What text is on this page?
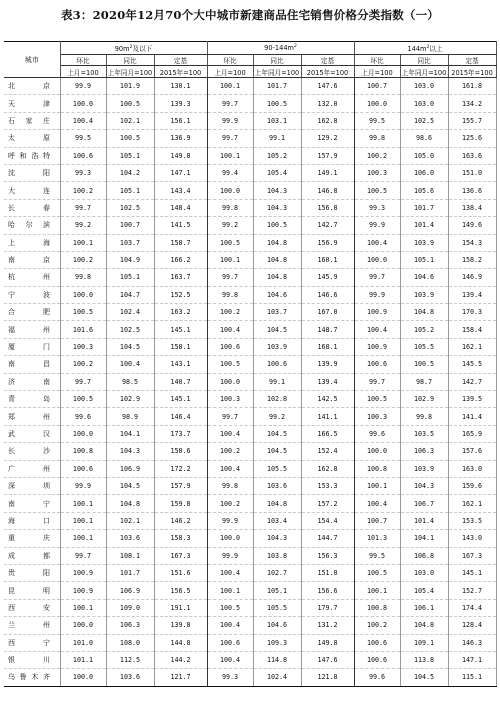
表3：2020年12月70个大中城市新建商品住宅销售价格分类指数（一）
城市	$90m^2$及以下			$90-144m^2$			$144m^2$以上		
	环比	同比	定基	环比	同比	定基	环比	同比	定基
	上月=100	上年同月=100	2015年=100	上月=100	上年同月=100	2015年=100	上月=100	上年同月=100	2015年=100
北京	99.9	101.9	130.1	100.1	101.7	147.6	100.7	103.0	161.8
天津	100.0	100.5	139.3	99.7	100.5	132.0	100.0	103.0	134.2
石家庄	100.4	102.1	156.1	99.9	103.1	162.8	99.5	102.5	155.7
太原	99.5	100.5	136.9	99.7	99.1	129.2	99.8	98.6	125.6
呼和浩特	100.6	105.1	149.8	100.1	105.2	157.9	100.2	105.0	163.6
沈阳	99.3	104.2	147.1	99.4	105.4	149.1	100.3	106.0	151.0
大连	100.2	105.1	143.4	100.0	104.3	146.8	100.5	105.6	136.6
长春	99.7	102.5	148.4	99.8	104.3	156.8	99.3	101.7	138.4
哈尔滨	99.2	100.7	141.5	99.2	100.5	142.7	99.9	101.4	149.6
上海	100.1	103.7	158.7	100.5	104.8	156.9	100.4	103.9	154.3
南京	100.2	104.9	166.2	100.1	104.8	160.1	100.0	105.1	158.2
杭州	99.8	105.1	163.7	99.7	104.8	145.9	99.7	104.6	146.9
宁波	100.0	104.7	152.5	99.8	104.6	146.6	99.9	103.9	139.4
合肥	100.5	102.4	163.2	100.2	103.7	167.0	100.9	104.8	170.3
福州	101.6	102.5	145.1	100.4	104.5	148.7	100.4	105.2	158.4
厦门	100.3	104.5	158.1	100.6	103.9	168.1	100.9	105.5	162.1
南昌	100.2	100.4	143.1	100.5	100.6	139.9	100.6	100.5	145.5
济南	99.7	98.5	140.7	100.0	99.1	139.4	99.7	98.7	142.7
青岛	100.5	102.9	145.1	100.3	102.8	142.5	100.5	102.9	139.5
郑州	99.6	98.9	146.4	99.7	99.2	141.1	100.3	99.8	141.4
武汉	100.0	104.1	173.7	100.4	104.5	166.5	99.6	103.5	165.9
长沙	100.8	104.3	150.6	100.2	104.5	152.4	100.0	106.3	157.6
广州	100.6	106.9	172.2	100.4	105.5	162.8	100.8	103.9	163.0
深圳	99.9	104.5	157.9	99.8	103.6	153.3	100.1	104.3	159.6
南宁	100.1	104.8	159.8	100.2	104.8	157.2	100.4	106.7	162.1
海口	100.1	102.1	146.2	99.9	103.4	154.4	100.7	101.4	153.5
重庆	100.1	103.6	158.3	100.0	104.3	144.7	101.3	104.1	143.0
成都	99.7	108.1	167.3	99.9	103.8	156.3	99.5	106.8	167.3
贵阳	100.9	101.7	151.6	100.4	102.7	151.0	100.5	103.0	145.1
昆明	100.9	106.9	156.5	100.1	105.1	156.6	100.1	105.4	152.7
西安	100.1	109.0	191.1	100.5	105.5	179.7	100.8	106.1	174.4
兰州	100.0	106.3	139.8	100.4	104.6	131.2	100.2	104.8	128.4
西宁	101.0	108.0	144.8	100.6	109.3	149.8	100.6	109.1	146.3
银川	101.1	112.5	144.2	100.4	114.8	147.6	100.6	113.8	147.1
乌鲁木齐	100.0	103.6	121.7	99.3	102.4	121.8	99.6	104.5	115.1
